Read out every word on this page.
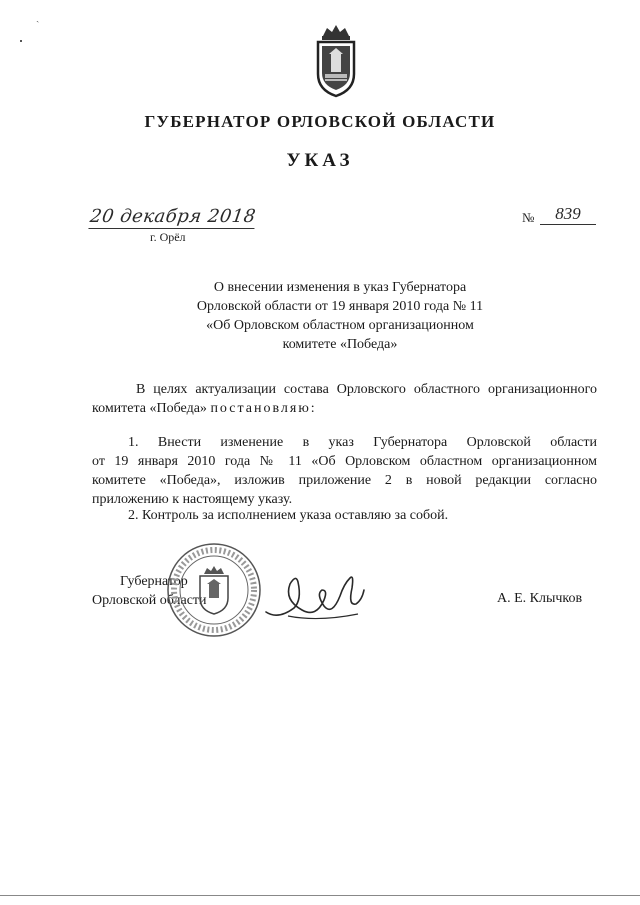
ˏ
ГУБЕРНАТОР ОРЛОВСКОЙ ОБЛАСТИ
УКАЗ
20 декабря 2018
г. Орёл
№	839
О внесении изменения в указ Губернатора
Орловской области от 19 января 2010 года № 11
«Об Орловском областном организационном
комитете «Победа»
В целях актуализации состава Орловского областного организационного
комитета «Победа» постановляю:
1. Внести изменение в указ Губернатора Орловской области
от 19 января 2010 года № 11 «Об Орловском областном организационном
комитете «Победа», изложив приложение 2 в новой редакции согласно
приложению к настоящему указу.
2. Контроль за исполнением указа оставляю за собой.
Губернатор
Орловской области	А. Е. Клычков
